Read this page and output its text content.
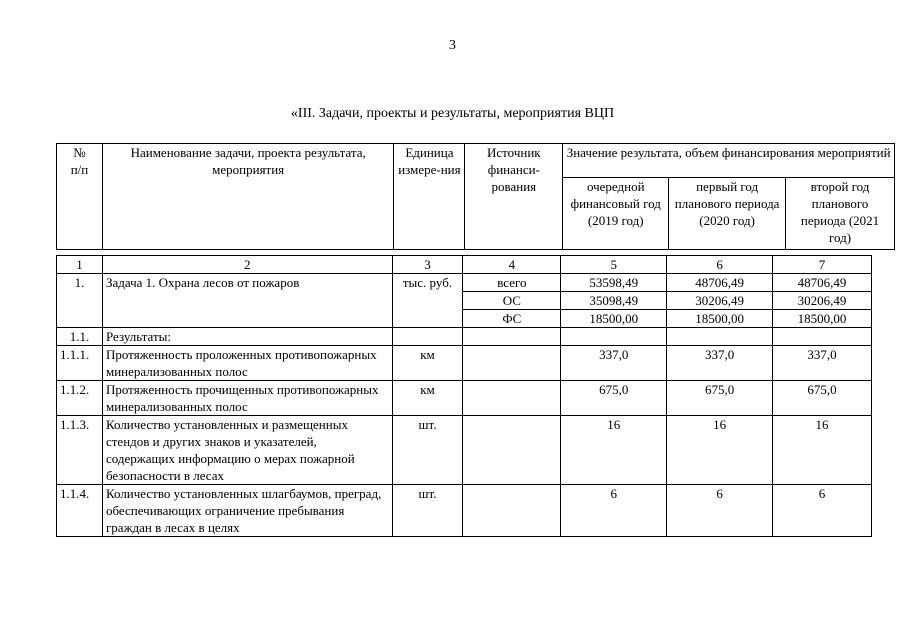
3
«III. Задачи, проекты и результаты, мероприятия ВЦП
№
п/п	Наименование задачи, проекта результата, мероприятия	Единица измере-ния	Источник финанси-рования	Значение результата, объем финансирования мероприятий		
				очередной финансовый год (2019 год)	первый год планового периода (2020 год)	второй год планового периода (2021 год)
1	2	3	4	5	6	7
1.	Задача 1. Охрана лесов от пожаров	тыс. руб.	всего	53598,49	48706,49	48706,49
			ОС	35098,49	30206,49	30206,49
			ФС	18500,00	18500,00	18500,00
1.1.	Результаты:					
1.1.1.	Протяженность проложенных противопожарных минерализованных полос	км		337,0	337,0	337,0
1.1.2.	Протяженность прочищенных противопожарных минерализованных полос	км		675,0	675,0	675,0
1.1.3.	Количество установленных и размещенных стендов и других знаков и указателей, содержащих информацию о мерах пожарной безопасности в лесах	шт.		16	16	16
1.1.4.	Количество установленных шлагбаумов, преград, обеспечивающих ограничение пребывания граждан в лесах в целях	шт.		6	6	6
